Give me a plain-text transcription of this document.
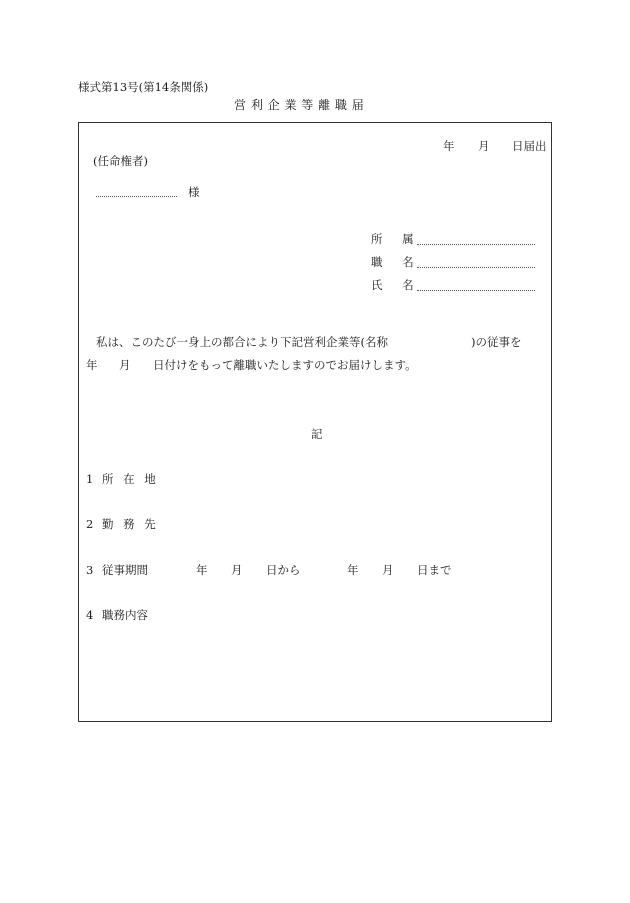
様式第13号(第14条関係)
営 利 企 業 等 離 職 届
年 月 日届出
(任命権者)
様
所 属
職 名
氏 名
私は、このたび一身上の都合により下記営利企業等(名称	)の従事を
年 月 日付けをもって離職いたしますのでお届けします。
記
1 所 在 地
2 勤 務 先
3 従事期間	年 月 日から	年 月 日まで
4 職務内容
